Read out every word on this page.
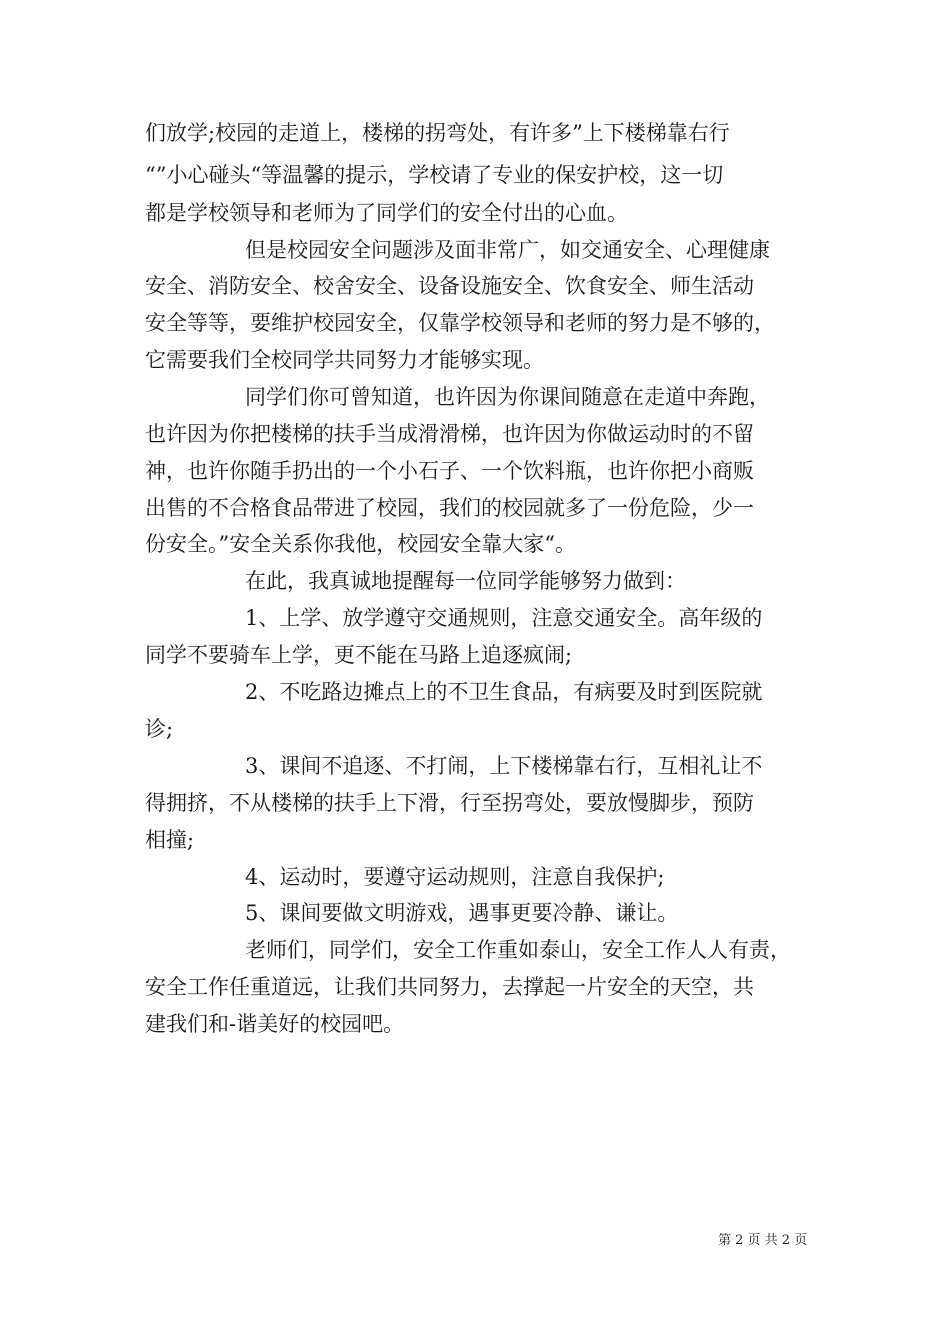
们放学;校园的走道上，楼梯的拐弯处，有许多”上下楼梯靠右行
“”小心碰头“等温馨的提示，学校请了专业的保安护校，这一切
都是学校领导和老师为了同学们的安全付出的心血。
但是校园安全问题涉及面非常广，如交通安全、心理健康
安全、消防安全、校舍安全、设备设施安全、饮食安全、师生活动
安全等等，要维护校园安全，仅靠学校领导和老师的努力是不够的，
它需要我们全校同学共同努力才能够实现。
同学们你可曾知道，也许因为你课间随意在走道中奔跑，
也许因为你把楼梯的扶手当成滑滑梯，也许因为你做运动时的不留
神，也许你随手扔出的一个小石子、一个饮料瓶，也许你把小商贩
出售的不合格食品带进了校园，我们的校园就多了一份危险，少一
份安全。”安全关系你我他，校园安全靠大家“。
在此，我真诚地提醒每一位同学能够努力做到：
1、上学、放学遵守交通规则，注意交通安全。高年级的
同学不要骑车上学，更不能在马路上追逐疯闹;
2、不吃路边摊点上的不卫生食品，有病要及时到医院就
诊;
3、课间不追逐、不打闹，上下楼梯靠右行，互相礼让不
得拥挤，不从楼梯的扶手上下滑，行至拐弯处，要放慢脚步，预防
相撞;
4、运动时，要遵守运动规则，注意自我保护;
5、课间要做文明游戏，遇事更要冷静、谦让。
老师们，同学们，安全工作重如泰山，安全工作人人有责，
安全工作任重道远，让我们共同努力，去撑起一片安全的天空，共
建我们和-谐美好的校园吧。
第 2 页 共 2 页
